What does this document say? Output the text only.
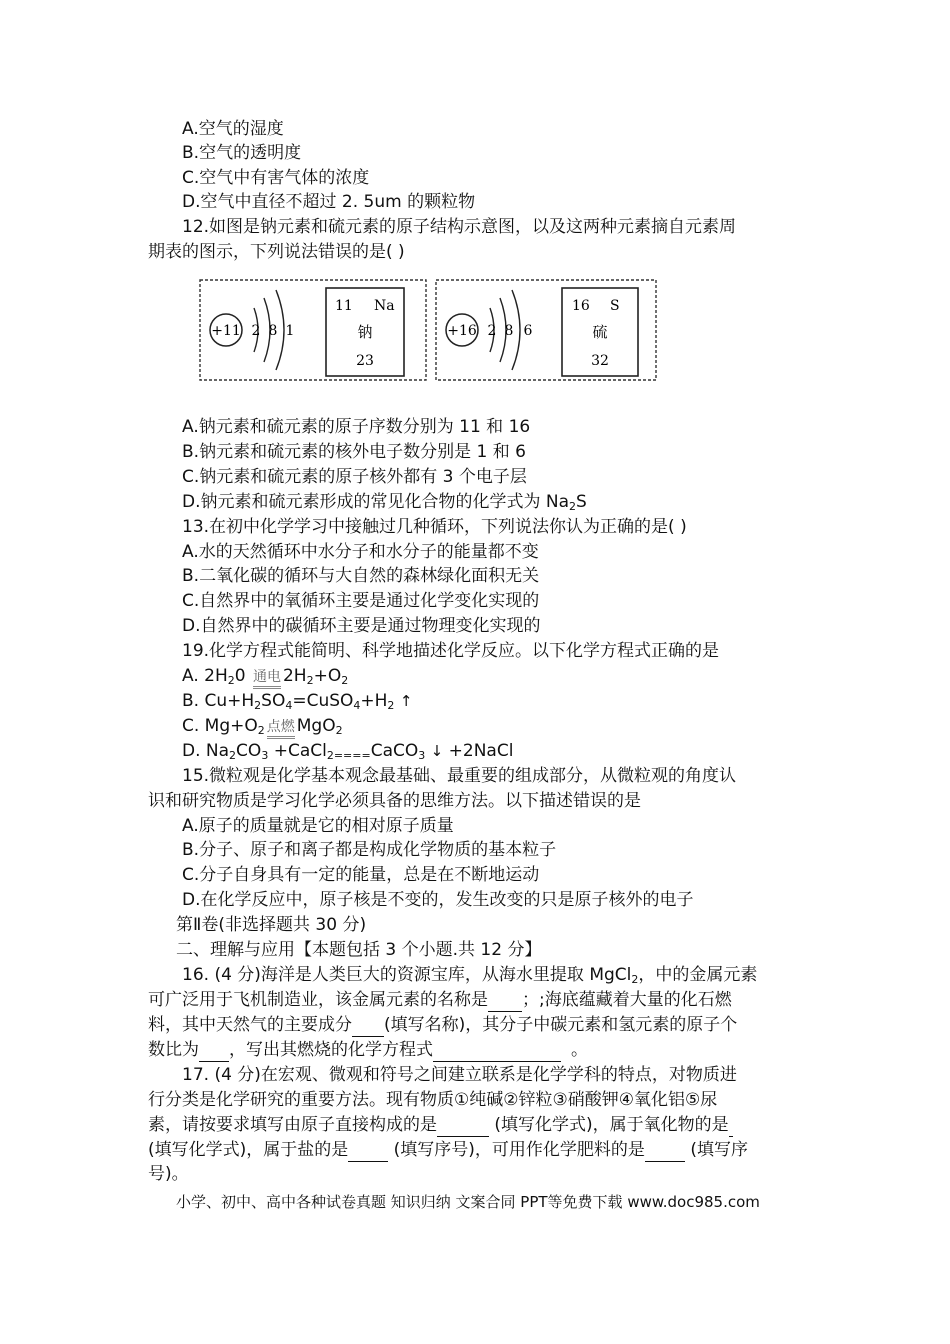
A.空气的湿度
B.空气的透明度
C.空气中有害气体的浓度
D.空气中直径不超过 2. 5um 的颗粒物
12.如图是钠元素和硫元素的原子结构示意图，以及这两种元素摘自元素周
期表的图示，下列说法错误的是( )
+11 2 8 1
11 Na
钠
23
+16 2 8 6
16 S
硫
32
A.钠元素和硫元素的原子序数分别为 11 和 16
B.钠元素和硫元素的核外电子数分别是 1 和 6
C.钠元素和硫元素的原子核外都有 3 个电子层
D.钠元素和硫元素形成的常见化合物的化学式为 $Na_2S$
13.在初中化学学习中接触过几种循环，下列说法你认为正确的是( )
A.水的天然循环中水分子和水分子的能量都不变
B.二氧化碳的循环与大自然的森林绿化面积无关
C.自然界中的氧循环主要是通过化学变化实现的
D.自然界中的碳循环主要是通过物理变化实现的
19.化学方程式能简明、科学地描述化学反应。以下化学方程式正确的是
A. $2H_20$ 通电 $2H_2+O_2$
B. $Cu+H_2SO_4=CuSO_4+H_2$ ↑
C. $Mg+O_2$ 点燃 MgO$_2$
D. $Na_2CO_3$ +CaCl$_{2====}$CaCO$_3$ ↓ +2NaCl
15.微粒观是化学基本观念最基础、最重要的组成部分，从微粒观的角度认
识和研究物质是学习化学必须具备的思维方法。以下描述错误的是
A.原子的质量就是它的相对原子质量
B.分子、原子和离子都是构成化学物质的基本粒子
C.分子自身具有一定的能量，总是在不断地运动
D.在化学反应中，原子核是不变的，发生改变的只是原子核外的电子
第Ⅱ卷(非选择题共 30 分)
二、理解与应用【本题包括 3 个小题.共 12 分】
16. (4 分)海洋是人类巨大的资源宝库，从海水里提取 MgCl$_2$，中的金属元素
可广泛用于飞机制造业，该金属元素的名称是 ；;海底蕴藏着大量的化石燃
料，其中天然气的主要成分 (填写名称)，其分子中碳元素和氢元素的原子个
数比为 ，写出其燃烧的化学方程式	。
17. (4 分)在宏观、微观和符号之间建立联系是化学学科的特点，对物质进
行分类是化学研究的重要方法。现有物质①纯碱②锌粒③硝酸钾④氧化铝⑤尿
素，请按要求填写由原子直接构成的是	(填写化学式)，属于氧化物的是
(填写化学式)，属于盐的是 (填写序号)，可用作化学肥料的是 (填写序
号)。
小学、初中、高中各种试卷真题 知识归纳 文案合同 PPT等免费下载 www.doc985.com
